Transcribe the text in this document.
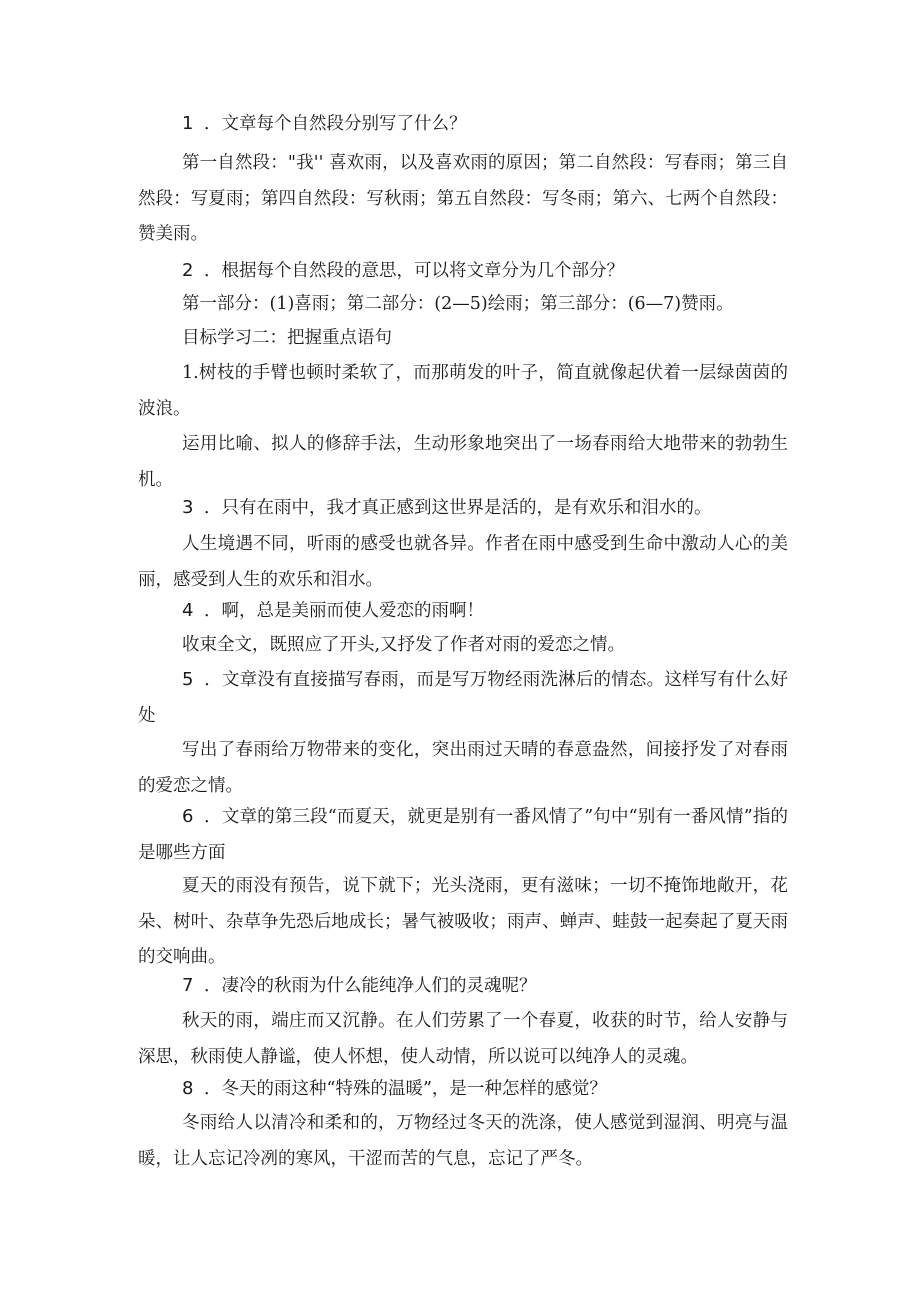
1 ．文章每个自然段分别写了什么？
第一自然段："我'' 喜欢雨，以及喜欢雨的原因；第二自然段：写春雨；第三自然段：写夏雨；第四自然段：写秋雨；第五自然段：写冬雨；第六、七两个自然段：赞美雨。
2 ．根据每个自然段的意思，可以将文章分为几个部分？
第一部分：(1)喜雨；第二部分：(2—5)绘雨；第三部分：(6—7)赞雨。
目标学习二：把握重点语句
1.树枝的手臂也顿时柔软了，而那萌发的叶子，简直就像起伏着一层绿茵茵的波浪。
运用比喻、拟人的修辞手法，生动形象地突出了一场春雨给大地带来的勃勃生机。
3 ．只有在雨中，我才真正感到这世界是活的，是有欢乐和泪水的。
人生境遇不同，听雨的感受也就各异。作者在雨中感受到生命中激动人心的美丽，感受到人生的欢乐和泪水。
4 ．啊，总是美丽而使人爱恋的雨啊！
收束全文，既照应了开头,又抒发了作者对雨的爱恋之情。
5 ．文章没有直接描写春雨，而是写万物经雨洗淋后的情态。这样写有什么好处
写出了春雨给万物带来的变化，突出雨过天晴的春意盎然，间接抒发了对春雨的爱恋之情。
6 ．文章的第三段“而夏天，就更是别有一番风情了”句中“别有一番风情”指的是哪些方面
夏天的雨没有预告，说下就下；光头浇雨，更有滋味；一切不掩饰地敞开，花朵、树叶、杂草争先恐后地成长；暑气被吸收；雨声、蝉声、蛙鼓一起奏起了夏天雨的交响曲。
7 ．凄冷的秋雨为什么能纯净人们的灵魂呢？
秋天的雨，端庄而又沉静。在人们劳累了一个春夏，收获的时节，给人安静与深思，秋雨使人静谧，使人怀想，使人动情，所以说可以纯净人的灵魂。
8 ．冬天的雨这种“特殊的温暖”，是一种怎样的感觉？
冬雨给人以清冷和柔和的，万物经过冬天的洗涤，使人感觉到湿润、明亮与温暖，让人忘记冷冽的寒风，干涩而苦的气息，忘记了严冬。
